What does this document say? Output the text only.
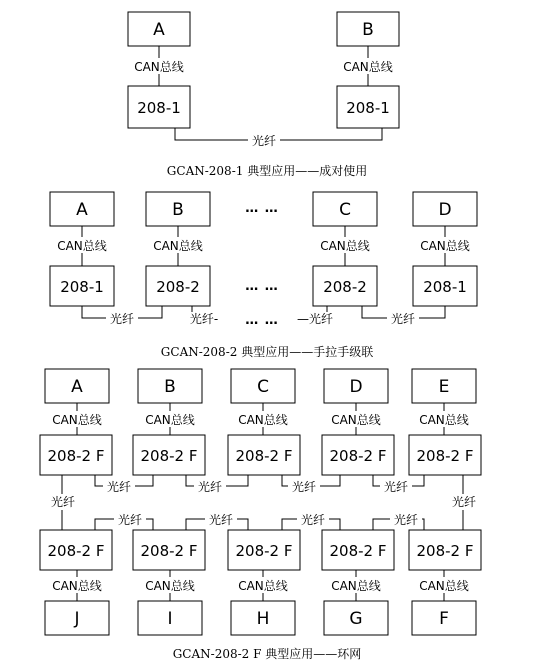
A
CAN总线
208-1
B
CAN总线
208-1
光纤
GCAN-208-1 典型应用——成对使用
A
CAN总线
208-1
B
CAN总线
208-2
C
CAN总线
208-2
D
CAN总线
208-1
… …
… …
… …
光纤	光纤-	—光纤	光纤
GCAN-208-2 典型应用——手拉手级联
A	B	C	D	E
CAN总线	CAN总线	CAN总线	CAN总线	CAN总线
208-2 F 208-2 F	208-2 F 208-2 F 208-2 F
光纤	光纤	光纤	光纤
光纤	光纤
光纤	光纤	光纤	光纤
208-2 F 208-2 F	208-2 F 208-2 F 208-2 F
CAN总线	CAN总线	CAN总线	CAN总线	CAN总线
J	I	H	G	F
GCAN-208-2 F 典型应用——环网
